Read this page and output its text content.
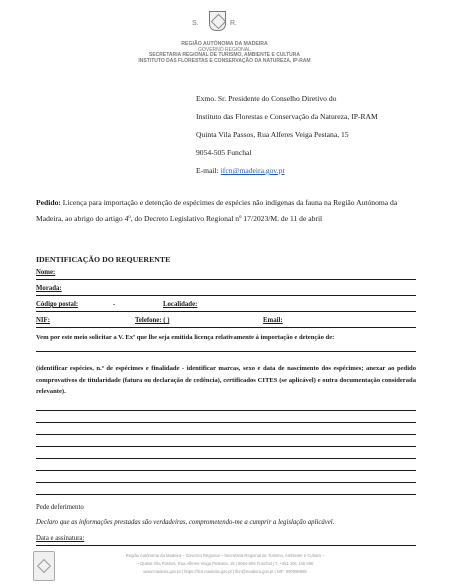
S.	R.
REGIÃO AUTÓNOMA DA MADEIRA
GOVERNO REGIONAL
SECRETARIA REGIONAL DE TURISMO, AMBIENTE E CULTURA
INSTITUTO DAS FLORESTAS E CONSERVAÇÃO DA NATUREZA, IP-RAM
Exmo. Sr. Presidente do Conselho Diretivo do
Instituto das Florestas e Conservação da Natureza, IP-RAM
Quinta Vila Passos, Rua Alferes Veiga Pestana, 15
9054-505 Funchal
E-mail: ifcn@madeira.gov.pt
Pedido: Licença para importação e detenção de espécimes de espécies não indígenas da fauna na Região Autónoma da Madeira, ao abrigo do artigo 4º, do Decreto Legislativo Regional nº 17/2023/M. de 11 de abril
IDENTIFICAÇÃO DO REQUERENTE
Nome:
Morada:
Código postal:	-	Localidade:
NIF:	Telefone: ( )	Email:
Vem por este meio solicitar a V. Exª que lhe seja emitida licença relativamente à importação e detenção de:
(identificar espécies, n.º de espécimes e finalidade - identificar marcas, sexo e data de nascimento dos espécimes; anexar ao pedido comprovativos de titularidade (fatura ou declaração de cedência), certificados CITES (se aplicável) e outra documentação considerada relevante).
Pede deferimento
Declaro que as informações prestadas são verdadeiras, comprometendo-me a cumprir a legislação aplicável.
Data e assinatura:
Região Autónoma da Madeira – Governo Regional – Secretaria Regional de Turismo, Ambiente e Cultura –
– Quinta Vila Passos, Rua Alferes Veiga Pestana, 15 | 9054-505 Funchal | T. +351 291 145 590
www.madeira.gov.pt | https://ifcn.madeira.gov.pt | ifcn@madeira.gov.pt | NIF: 600086895
